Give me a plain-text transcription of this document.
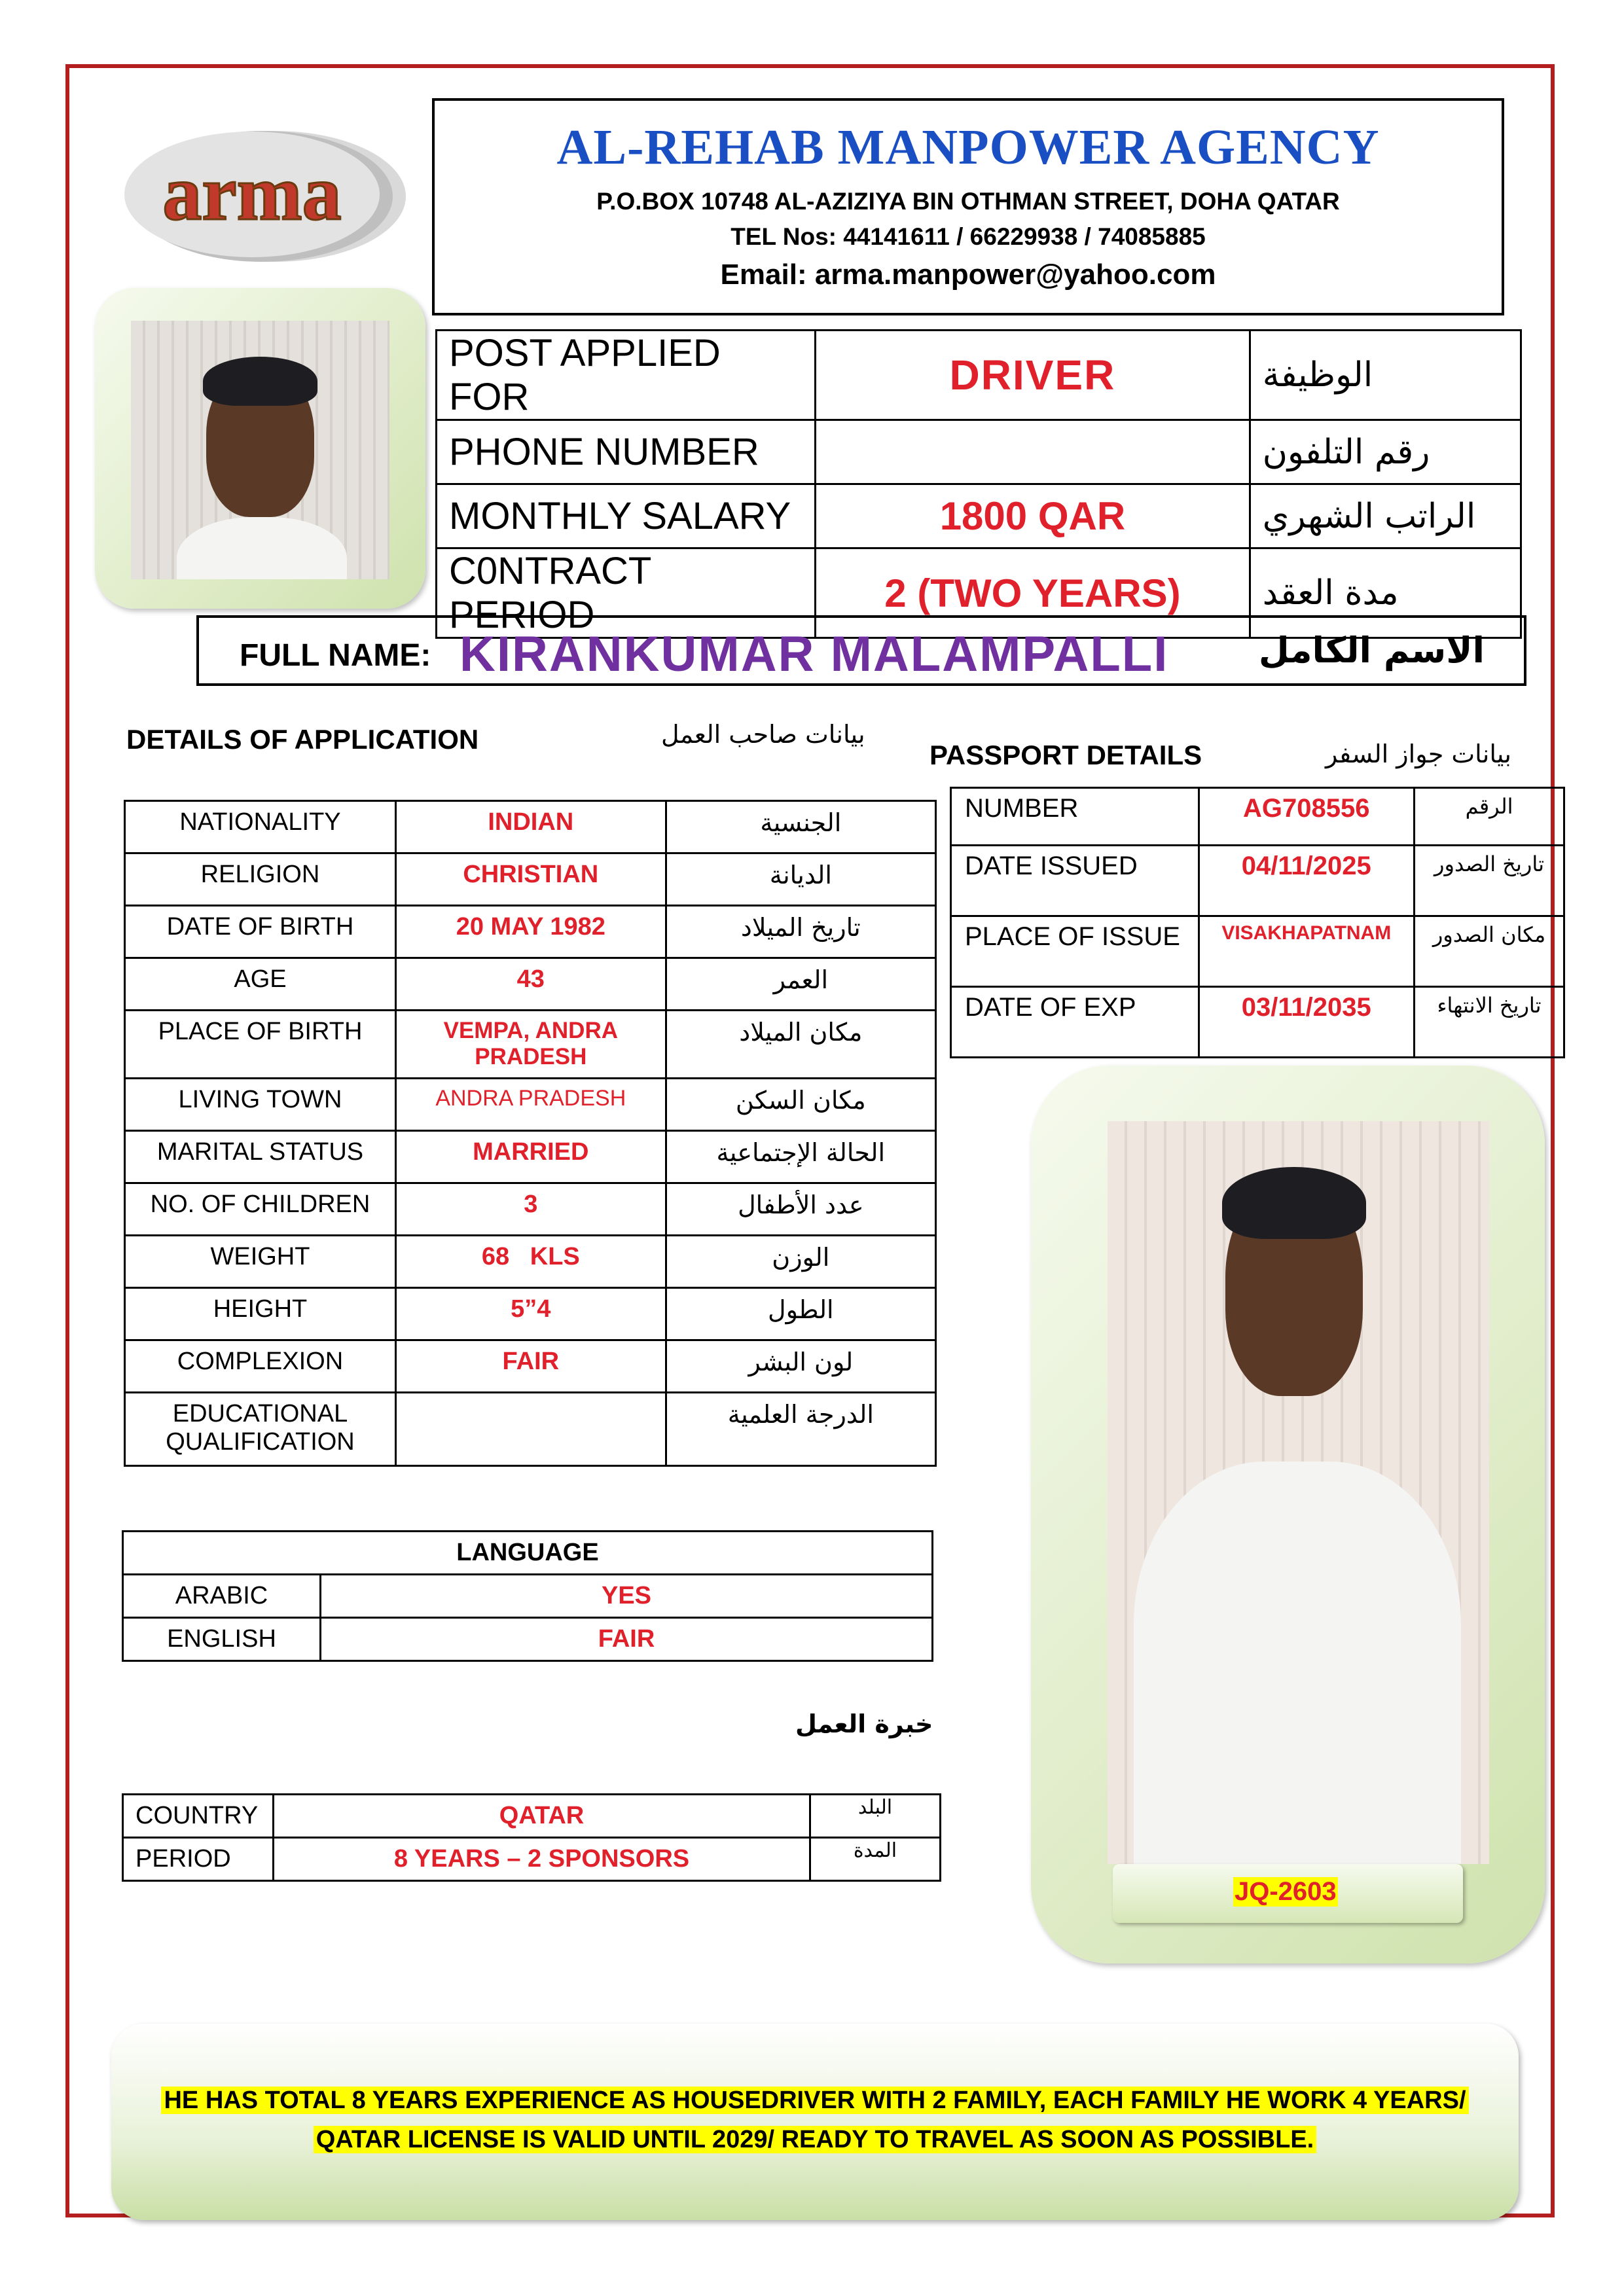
arma
AL-REHAB MANPOWER AGENCY
P.O.BOX 10748 AL-AZIZIYA BIN OTHMAN STREET, DOHA QATAR
TEL Nos: 44141611 / 66229938 / 74085885
Email: arma.manpower@yahoo.com
POST APPLIED FOR	DRIVER	الوظيفة
PHONE NUMBER		رقم التلفون
MONTHLY SALARY	1800 QAR	الراتب الشهري
C0NTRACT PERIOD	2 (TWO YEARS)	مدة العقد
FULL NAME: KIRANKUMAR MALAMPALLI	الاسم الكامل
DETAILS OF APPLICATION	بيانات صاحب العمل
PASSPORT DETAILS	بيانات جواز السفر
NATIONALITY	INDIAN	الجنسية
RELIGION	CHRISTIAN	الديانة
DATE OF BIRTH	20 MAY 1982	تاريخ الميلاد
AGE	43	العمر
PLACE OF BIRTH	VEMPA, ANDRA PRADESH	مكان الميلاد
LIVING TOWN	ANDRA PRADESH	مكان السكن
MARITAL STATUS	MARRIED	الحالة الإجتماعية
NO. OF CHILDREN	3	عدد الأطفال
WEIGHT	68   KLS	الوزن
HEIGHT	5”4	الطول
COMPLEXION	FAIR	لون البشر
EDUCATIONAL QUALIFICATION		الدرجة العلمية
NUMBER	AG708556	الرقم
DATE ISSUED	04/11/2025	تاريخ الصدور
PLACE OF ISSUE	VISAKHAPATNAM	مكان الصدور
DATE OF EXP	03/11/2035	تاريخ الانتهاء
JQ-2603
LANGUAGE	
ARABIC	YES
ENGLISH	FAIR
خبرة العمل
COUNTRY	QATAR	البلد
PERIOD	8 YEARS – 2 SPONSORS	المدة
HE HAS TOTAL 8 YEARS EXPERIENCE AS HOUSEDRIVER WITH 2 FAMILY, EACH FAMILY HE WORK 4 YEARS/
QATAR LICENSE IS VALID UNTIL 2029/ READY TO TRAVEL AS SOON AS POSSIBLE.
